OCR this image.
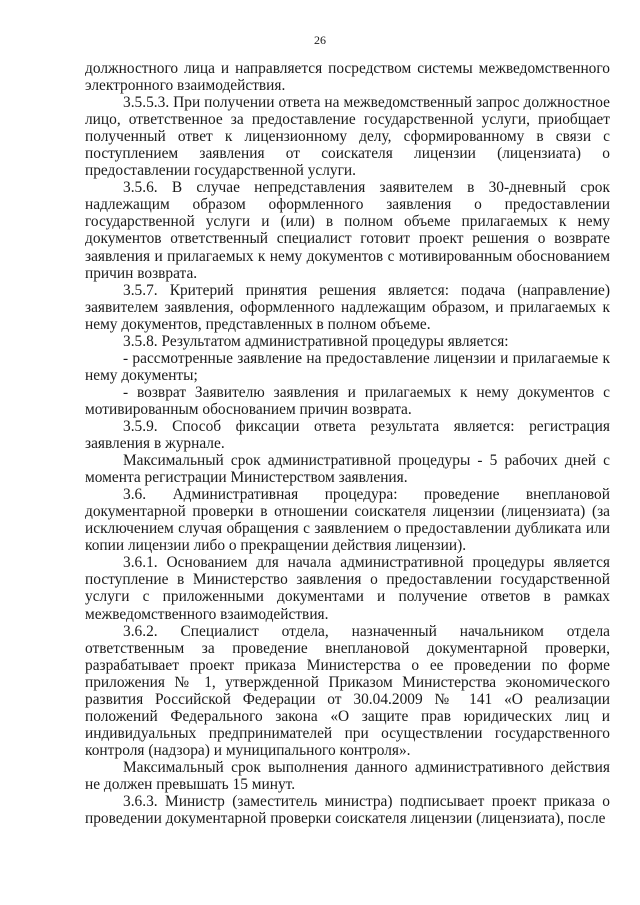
26

должностного лица и направляется посредством системы межведомственного электронного взаимодействия.

3.5.5.3. При получении ответа на межведомственный запрос должностное лицо, ответственное за предоставление государственной услуги, приобщает полученный ответ к лицензионному делу, сформированному в связи с поступлением заявления от соискателя лицензии (лицензиата) о предоставлении государственной услуги.

3.5.6. В случае непредставления заявителем в 30-дневный срок надлежащим образом оформленного заявления о предоставлении государственной услуги и (или) в полном объеме прилагаемых к нему документов ответственный специалист готовит проект решения о возврате заявления и прилагаемых к нему документов с мотивированным обоснованием причин возврата.

3.5.7. Критерий принятия решения является: подача (направление) заявителем заявления, оформленного надлежащим образом, и прилагаемых к нему документов, представленных в полном объеме.

3.5.8. Результатом административной процедуры является:

- рассмотренные заявление на предоставление лицензии и прилагаемые к нему документы;

- возврат Заявителю заявления и прилагаемых к нему документов с мотивированным обоснованием причин возврата.

3.5.9. Способ фиксации ответа результата является: регистрация заявления в журнале.

Максимальный срок административной процедуры - 5 рабочих дней с момента регистрации Министерством заявления.

3.6. Административная процедура: проведение внеплановой документарной проверки в отношении соискателя лицензии (лицензиата) (за исключением случая обращения с заявлением о предоставлении дубликата или копии лицензии либо о прекращении действия лицензии).

3.6.1. Основанием для начала административной процедуры является поступление в Министерство заявления о предоставлении государственной услуги с приложенными документами и получение ответов в рамках межведомственного взаимодействия.

3.6.2. Специалист отдела, назначенный начальником отдела ответственным за проведение внеплановой документарной проверки, разрабатывает проект приказа Министерства о ее проведении по форме приложения № 1, утвержденной Приказом Министерства экономического развития Российской Федерации от 30.04.2009 № 141 «О реализации положений Федерального закона «О защите прав юридических лиц и индивидуальных предпринимателей при осуществлении государственного контроля (надзора) и муниципального контроля».

Максимальный срок выполнения данного административного действия не должен превышать 15 минут.

3.6.3. Министр (заместитель министра) подписывает проект приказа о проведении документарной проверки соискателя лицензии (лицензиата), после
